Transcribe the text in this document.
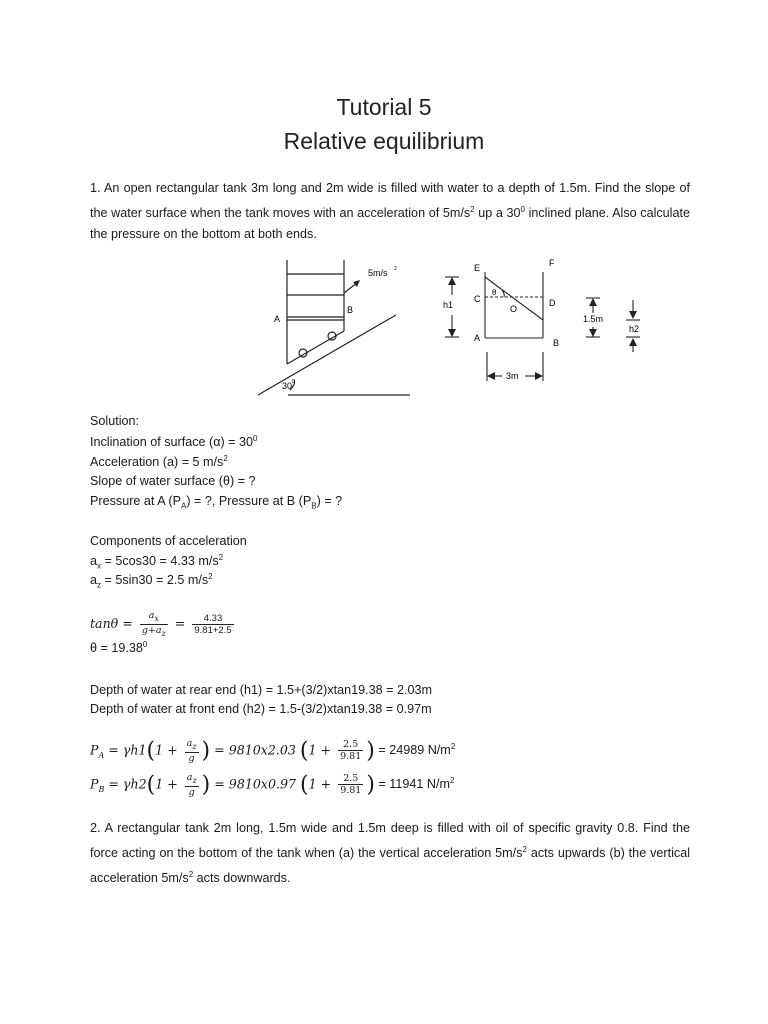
Tutorial 5
Relative equilibrium
1. An open rectangular tank 3m long and 2m wide is filled with water to a depth of 1.5m. Find the slope of the water surface when the tank moves with an acceleration of $5m/s^2$ up a $30^0$ inclined plane. Also calculate the pressure on the bottom at both ends.
5m/s 2
A
B
30 0
E	F
C	D
O
A	B
θ
h1
1.5m
h2
3m
Solution:
Inclination of surface $(\alpha) = 30^0$
Acceleration (a) = 5 $m/s^2$
Slope of water surface (θ) = ?
Pressure at A $(P_A)$ = ?, Pressure at B $(P_B)$ = ?
Components of acceleration
$a_x = 5\cos 30 = 4.33$ $m/s^2$
$a_z = 5\sin 30 = 2.5$ $m/s^2$
$\tan\theta = \frac{a_x}{g+a_z} = \frac{4.33}{9.81+2.5}$
$\theta = 19.38^0$
Depth of water at rear end (h1) = 1.5+(3/2)xtan19.38 = 2.03m
Depth of water at front end (h2) = 1.5-(3/2)xtan19.38 = 0.97m
$P_A = \gamma h1(1 + \frac{a_z}{g}$ ) = 9810x2.03 ($1 + \frac{2.5}{9.81}$ ) = 24989 $N/m^2$
$P_B = \gamma h2(1 + \frac{a_z}{g}$ ) = 9810x0.97 ($1 + \frac{2.5}{9.81}$ ) = 11941 $N/m^2$
2. A rectangular tank 2m long, 1.5m wide and 1.5m deep is filled with oil of specific gravity 0.8. Find the force acting on the bottom of the tank when (a) the vertical acceleration $5m/s^2$ acts upwards (b) the vertical acceleration $5m/s^2$ acts downwards.
